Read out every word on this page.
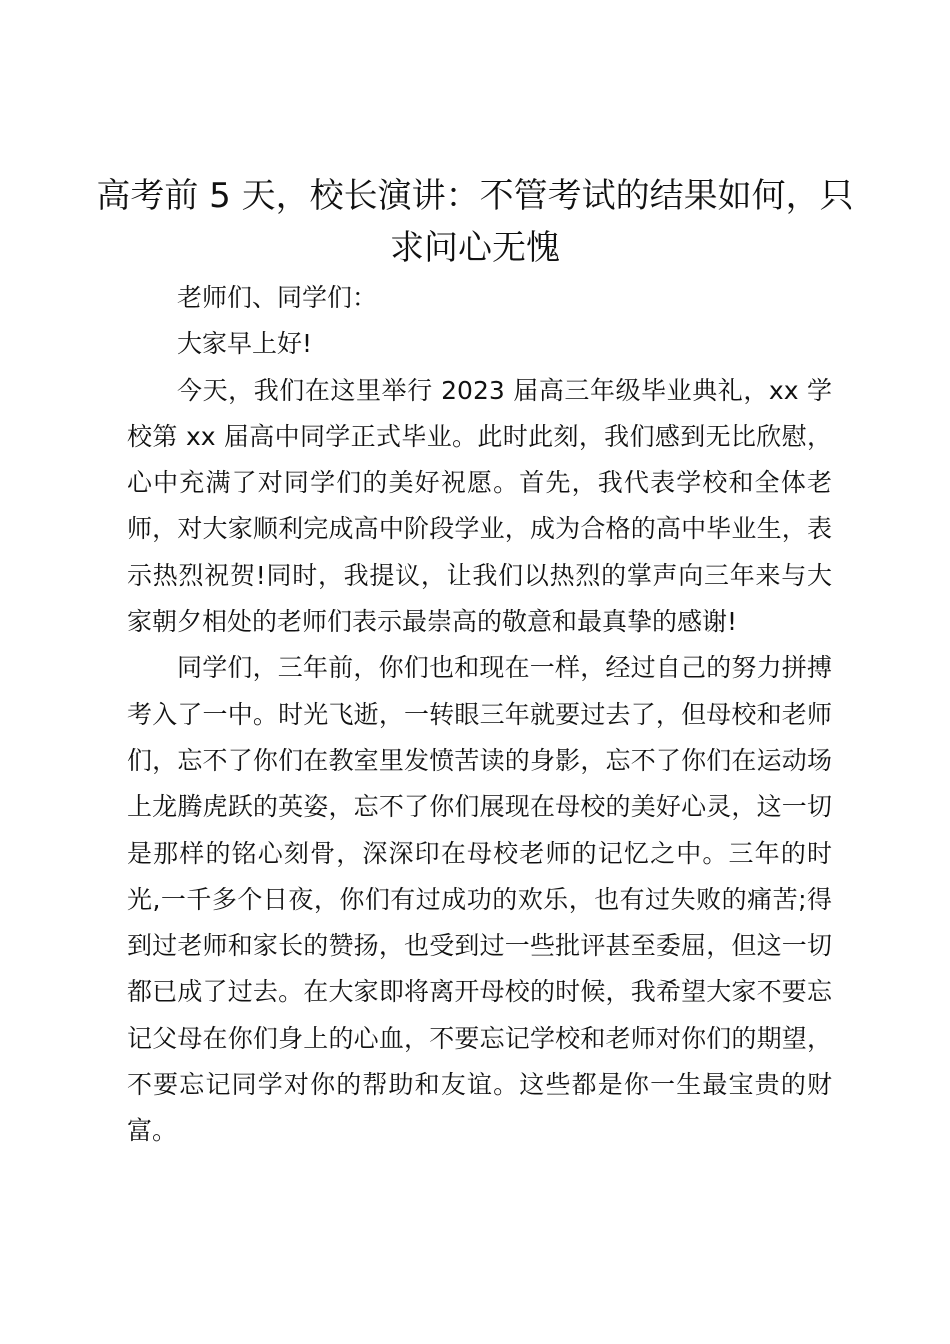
高考前 5 天，校长演讲：不管考试的结果如何，只求问心无愧

老师们、同学们：

大家早上好!

今天，我们在这里举行 2023 届高三年级毕业典礼，xx 学校第 xx 届高中同学正式毕业。此时此刻，我们感到无比欣慰，心中充满了对同学们的美好祝愿。首先，我代表学校和全体老师，对大家顺利完成高中阶段学业，成为合格的高中毕业生，表示热烈祝贺!同时，我提议，让我们以热烈的掌声向三年来与大家朝夕相处的老师们表示最崇高的敬意和最真挚的感谢!

同学们，三年前，你们也和现在一样，经过自己的努力拼搏考入了一中。时光飞逝，一转眼三年就要过去了，但母校和老师们，忘不了你们在教室里发愤苦读的身影，忘不了你们在运动场上龙腾虎跃的英姿，忘不了你们展现在母校的美好心灵，这一切是那样的铭心刻骨，深深印在母校老师的记忆之中。三年的时光,一千多个日夜，你们有过成功的欢乐，也有过失败的痛苦;得到过老师和家长的赞扬，也受到过一些批评甚至委屈，但这一切都已成了过去。在大家即将离开母校的时候，我希望大家不要忘记父母在你们身上的心血，不要忘记学校和老师对你们的期望，不要忘记同学对你的帮助和友谊。这些都是你一生最宝贵的财富。
